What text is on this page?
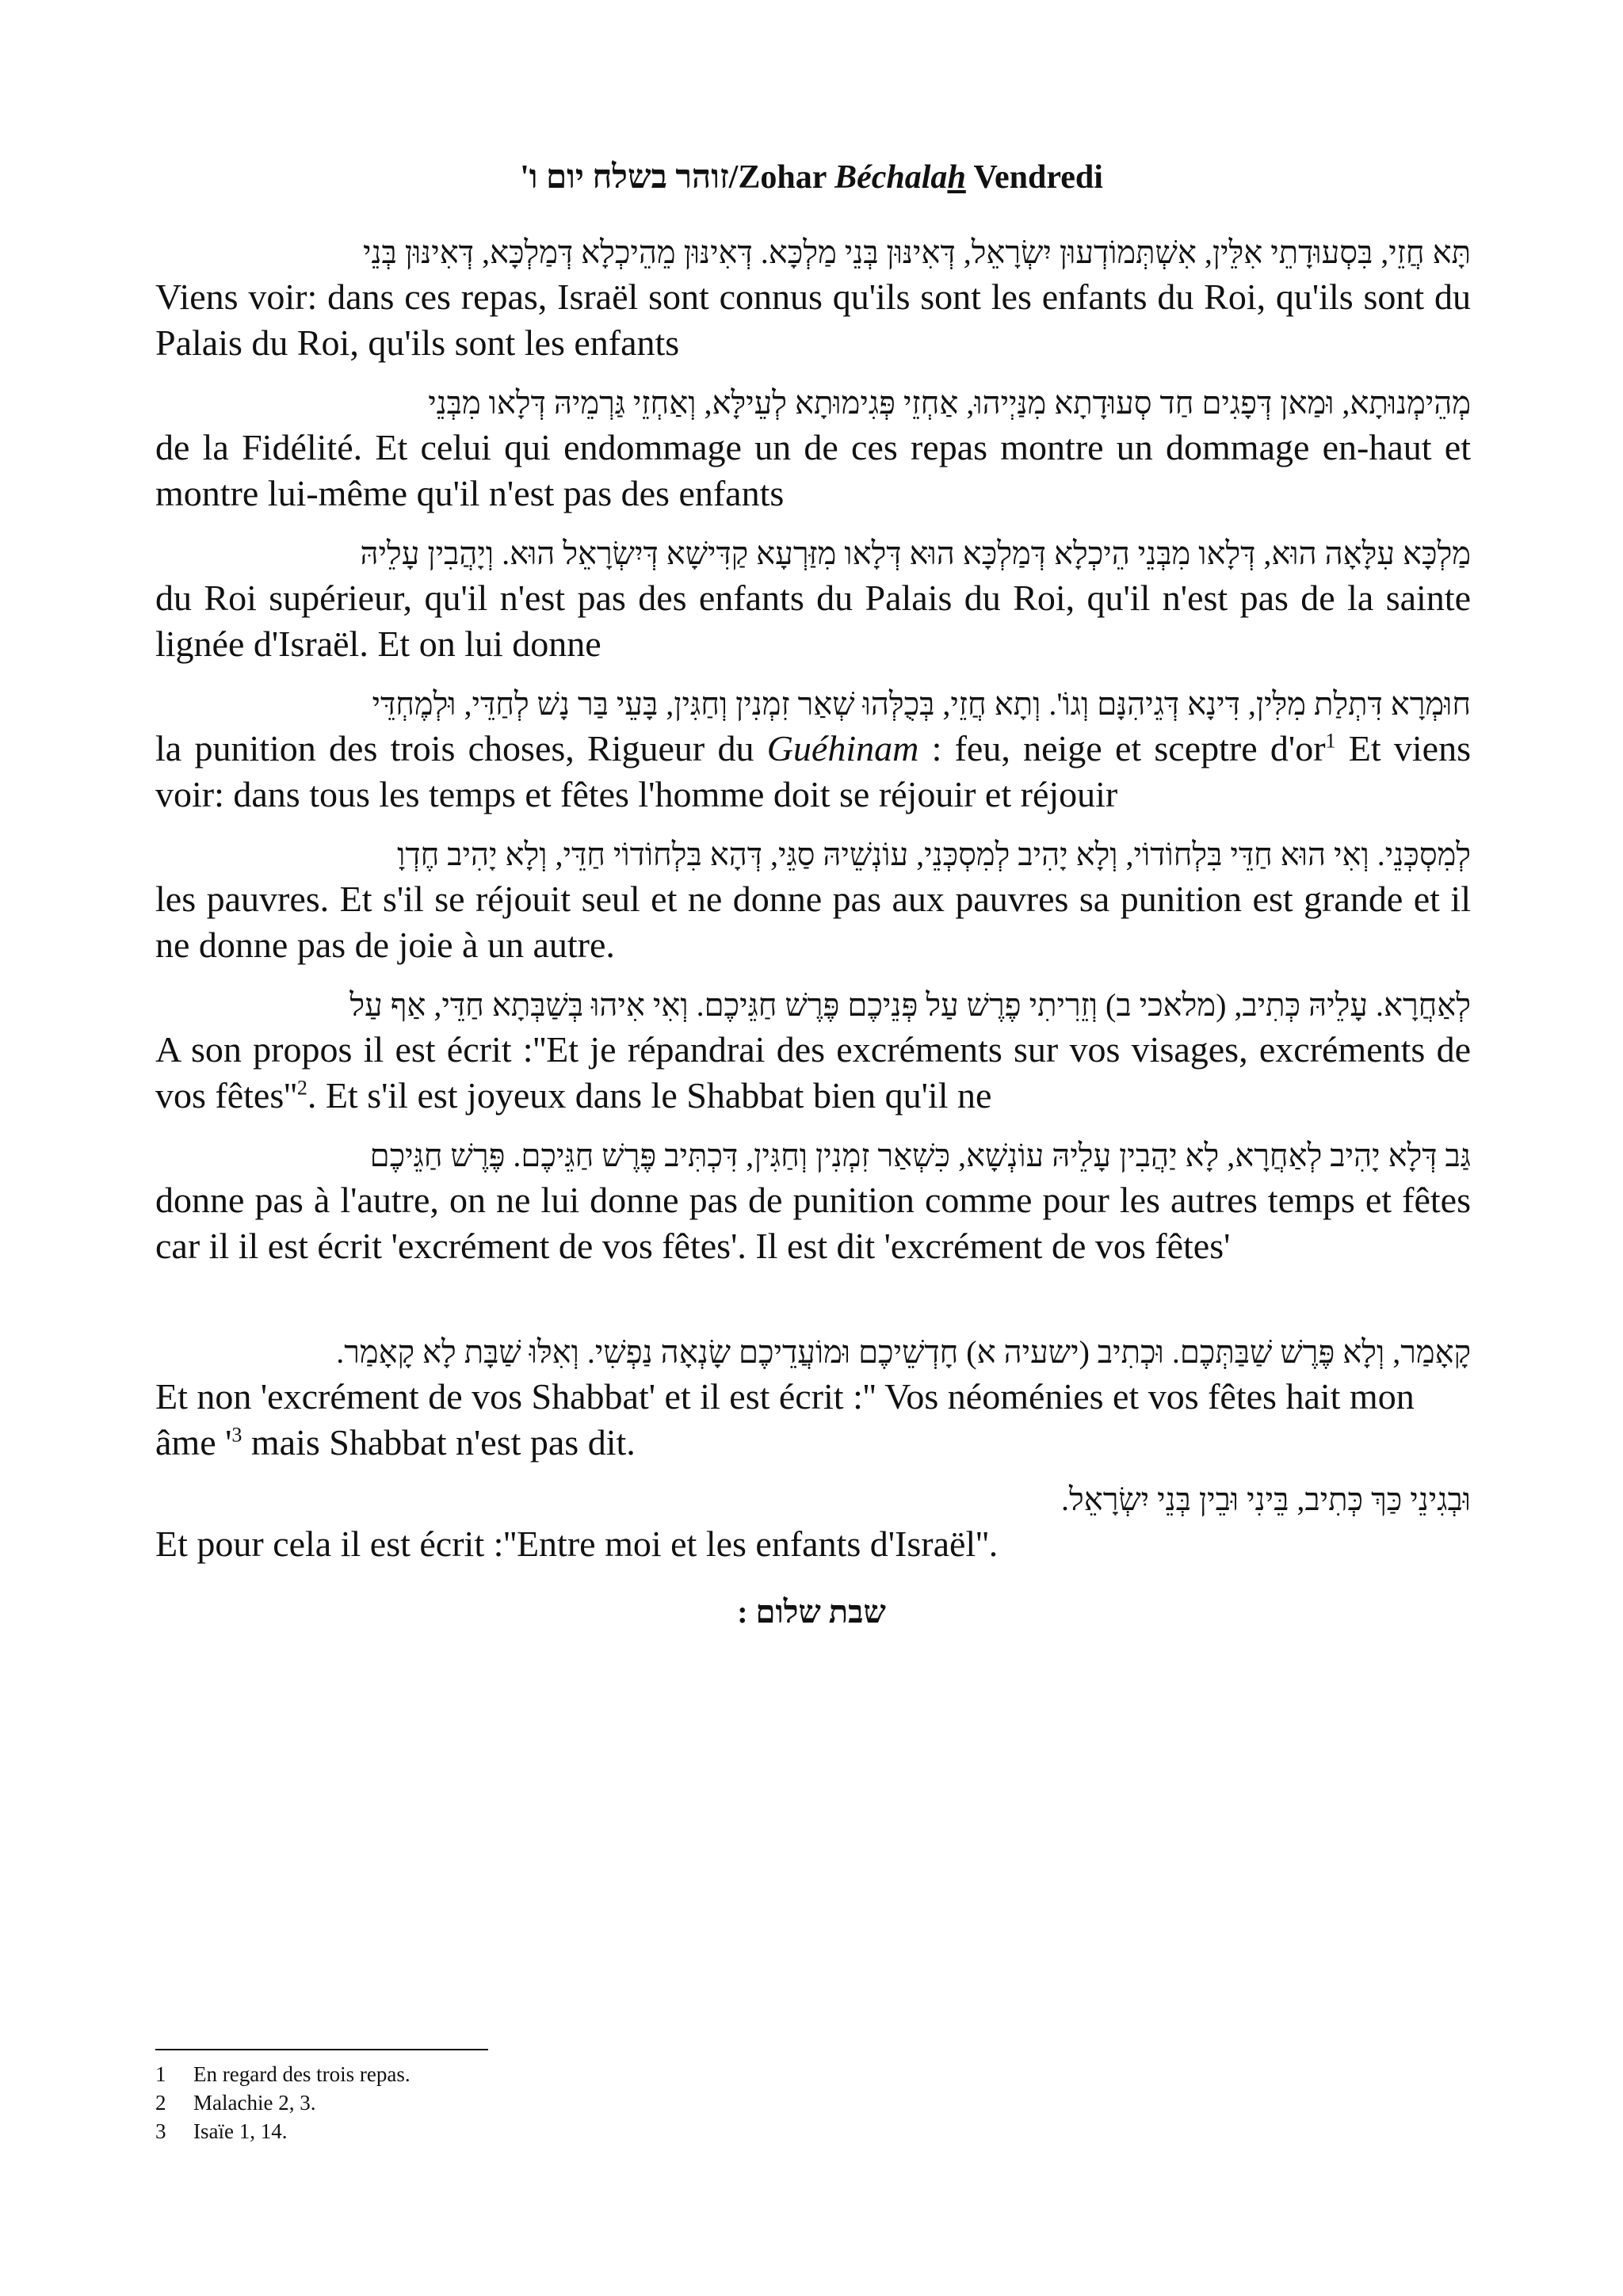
זוהר בשלח יום ו'/Zohar Béchalah Vendredi
תָּא חֲזֵי, בִּסְעוּדָתֵי אִלֵּין, אִשְׁתְּמוֹדְעוּן יִשְׂרָאֵל, דְּאִינּוּן בְּנֵי מַלְכָּא. דְּאִינּוּן מֵהֵיכְלָא דְּמַלְכָּא, דְּאִינּוּן בְּנֵי
Viens voir: dans ces repas, Israël sont connus qu'ils sont les enfants du Roi, qu'ils sont du Palais du Roi, qu'ils sont les enfants
מְהֵימְנוּתָא, וּמַאן דְּפָגִים חַד סְעוּדָתָא מִנַּיְיהוּ, אַחְזֵי פְּגִימוּתָא לְעֵילָּא, וְאַחְזֵי גַּרְמֵיהּ דְּלָאו מִבְּנֵי
de la Fidélité. Et celui qui endommage un de ces repas montre un dommage en-haut et montre lui-même qu'il n'est pas des enfants
מַלְכָּא עִלָּאָה הוּא, דְּלָאו מִבְּנֵי הֵיכְלָא דְּמַלְכָּא הוּא דְּלָאו מִזַּרְעָא קַדִּישָׁא דְּיִשְׂרָאֵל הוּא. וְיָהֲבִין עָלֵיהּ
du Roi supérieur, qu'il n'est pas des enfants du Palais du Roi, qu'il n'est pas de la sainte lignée d'Israël. Et on lui donne
חוּמְרָא דִּתְלַת מִלִּין, דִּינָא דְּגֵיהִנָּם וְגוֹ'. וְתָא חֲזֵי, בְּכֻלְּהוּ שְׁאַר זִמְנִין וְחַגִּין, בָּעֵי בַּר נָשׁ לְחַדֵּי, וּלְמֶחְדֵּי
la punition des trois choses, Rigueur du Guéhinam : feu, neige et sceptre $d'or^1$ Et viens voir: dans tous les temps et fêtes l'homme doit se réjouir et réjouir
לְמִסְכְּנֵי. וְאִי הוּא חַדֵּי בִּלְחוֹדוֹי, וְלָא יָהִיב לְמִסְכְּנֵי, עוֹנְשֵׁיהּ סַגֵּי, דְּהָא בִּלְחוֹדוֹי חַדֵּי, וְלָא יָהִיב חֶדְוָ
les pauvres. Et s'il se réjouit seul et ne donne pas aux pauvres sa punition est grande et il ne donne pas de joie à un autre.
לְאַחֲרָא. עָלֵיהּ כְּתִיב, (מלאכי ב) וְזֵרִיתִי פֶרֶשׁ עַל פְּנֵיכֶם פֶּרֶשׁ חַגֵּיכֶם. וְאִי אִיהוּ בְּשַׁבְּתָא חַדֵּי, אַף עַל
A son propos il est écrit :''Et je répandrai des excréments sur vos visages, excréments de vos $fêtes''^2$. Et s'il est joyeux dans le Shabbat bien qu'il ne
גַּב דְּלָא יָהִיב לְאַחֲרָא, לָא יַהֲבִין עָלֵיהּ עוֹנְשָׁא, כִּשְׁאַר זִמְנִין וְחַגִּין, דִּכְתִּיב פֶּרֶשׁ חַגֵּיכֶם. פֶּרֶשׁ חַגֵּיכֶם
donne pas à l'autre, on ne lui donne pas de punition comme pour les autres temps et fêtes car il il est écrit 'excrément de vos fêtes'. Il est dit 'excrément de vos fêtes'
קָאָמַר, וְלָא פֶּרֶשׁ שַׁבַּתְּכֶם. וּכְתִיב (ישעיה א) חָדְשֵׁיכֶם וּמוֹעֲדֵיכֶם שָׂנְאָה נַפְשִׁי. וְאִלּוּ שַׁבָּת לָא קָאָמַר.
Et non 'excrément de vos Shabbat' et il est écrit :'' Vos néoménies et vos fêtes hait mon âme '$^3$ mais Shabbat n'est pas dit.
וּבְגִינֵי כַּךְ כְּתִיב, בֵּינִי וּבֵין בְּנֵי יִשְׂרָאֵל.
Et pour cela il est écrit :''Entre moi et les enfants d'Israël''.
שבת שלום :
1 En regard des trois repas.
2 Malachie 2, 3.
3 Isaïe 1, 14.
